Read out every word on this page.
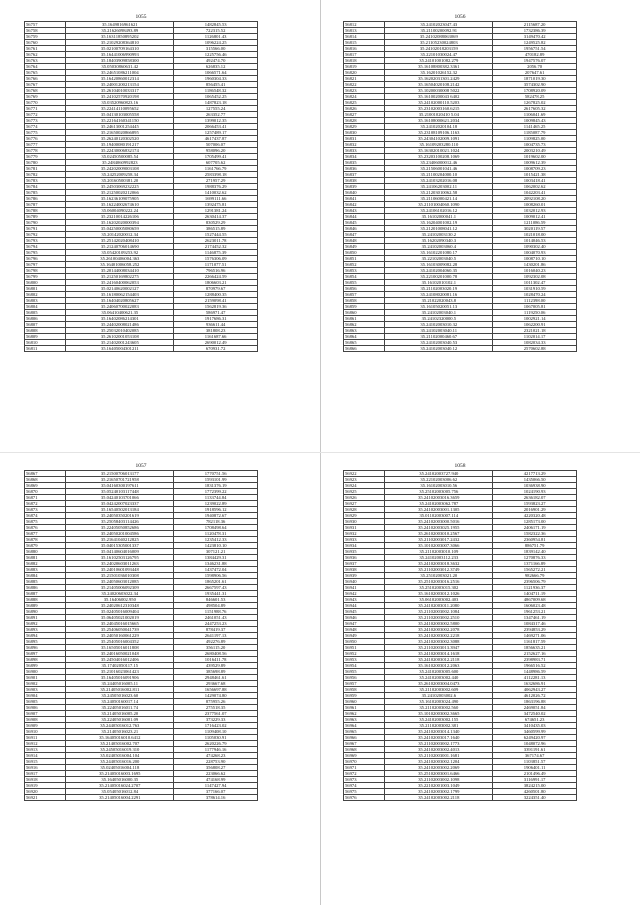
1055
56757	35.1649816961621	1482845.53
56758	35.21626098493.89	722315.52
56759	35.16311850895202	1126801.43
56760	35.21029208364810	1096224.25
56761	35.02100709164310	315566.00
56762	35.16441006990993	1225756.46
56763	35.18403909858300	492474.70
56764	35.05030860631.42	626835.12
56765	35.24651086211004	1066571.64
56766	35.16420860012314	1960304.33
56767	35.24001200213154	856455.41
56768	35.26104010033317	1186548.32
56769	35.24102570920198	1065452.25
56770	35.03520960823.16	1487823.18
56771	35.22414110095652	127555.24
56772	35.04130103005558	263352.77
56773	35.22164160341150	1399012.35
56774	35.24613001254445	2066453.41
56775	35.21650020866895	1257489.17
56776	35.26240120302520	4617437.87
56777	35.19400080191217	507006.07
56778	35.22430006832174	958096.20
56779	35.02450500085.54	1705499.41
56780	35.2484060992823	607705.62
56781	35.24202009003108	1161766.79
56782	35.24252009258.34	2583398.18
56783	35.20160500381.20	271957.29
56784	35.24503069232225	1988376.29
56785	35.21250020212066	1410032.62
56786	35.16236109075905	1699111.66
56787	35.16224002674610	1392475.81
56788	35.06004090222.24	1291381.24
56789	35.23210014226106	2630414.37
56790	35.16202020000394	830529.29
56791	35.04250005080659	386515.89
56792	35.20142020012.34	1527444.55
56793	35.25142020408410	2623011.78
56794	35.21240706014690	2174452.32
56795	35.05420109253.92	1146875.39
56796	35.26100406004.363	1576306.09
56797	35.16401006058.252	1171077.51
56798	35.20144008034410	796516.96
56799	35.21250169802275	2266424.59
56800	35.24160400062053	1806603.21
56801	35.02140620002127	870979.67
56802	35.16180062154403	1288400.35
56803	35.16404020805627	2159098.41
56804	35.24060700022083	1562819.36
56805	35.06410400621.35	586971.47
56806	35.16402086214301	1917686.31
56807	35.24402008021486	936611.44
56808	35.25032010402085	381808.23
56809	35.26102001053108	1161687.66
56810	35.21402001243605	2690012.49
56811	35.16405004301211	670931.72
1056
56812	35.24102023047.43	2115687.20
56813	35.21100200092.91	1732386.39
56814	35.24102088063069	3149470.42
56815	35.21105230024803	1249525.82
56816	35.24102018203159	1956751.54
56817	35.22101030024.47	470182.89
56818	35.24101001082.279	1947576.07
56819	35.16108800382.3361	2056.70
56820	35.16201026152.32	207647.61
56821	35.16202031301.2429	1871019.30
56822	35.16504020108.2142	3574302.90
56823	35.10200030008 5022	1708920.09
56824	35.16100200043 6402	582478.25
56825	35.24102000110.5203	1267825.02
56826	35.23102003160.6215	2617605.32
56827	35.21001020410 5.04	1106041.69
56828	35.16108000621.2034	1009845.43
56829	35.24102020104.18	1141465.25
56830	35.23108109106.1163	1185087.79
56831	35.24304102009.1091	1109825.00
56832	35.16109203280.110	1004735.73
56833	35.16302010021.1024	2003210.49
56834	35.23203100208.1069	1019602.00
56835	35.23406000012.46	1009612.39
56836	35.21506001041.46	1008709.23
56837	35.21100204000.10	1015421.38
56838	35.24103202016.08	1003418.41
56839	35.24106203002.11	1062002.62
56840	35.21203010062.58	1042203.41
56841	35.21106000421.14	2092108.20
56842	35.21101004060.1090	1008260.01
56843	35.24106102016.12	1032012.93
56844	35.16102000041.1	1009012.41
56845	35.16204001002.19	1211086.59
56846	35.21201008041.12	3020119.57
56847	35.24102003130.2	1021018.00
56848	35.16202090340.3	1014046.53
56849	35.24102003060.4	1090302.40
56850	35.16102201080.17	1004070.93
56851	35.22102003040.5	1008710.10
56852	35.16103009082.28	1430201.86
56853	35.24102004060.35	1016040.23
56854	35.22100201000.78	1092302.08
56855	35.16102010102.1	1011302.47
56856	35.21102003020.19	1031910.59
56857	35.24108020081.16	1028470.24
56858	35.21022020043.8	1112398.00
56859	35.16105020051.13	1067005.81
56860	35.24102003040.1	1119250.06
56861	35.24102320000.5	1002921.14
56862	35.24102003010.32	1062200.91
56863	35.24102003040.11	2321021.18
56864	35.21102000460.67	1102014.17
56865	35.24102003040.53	1082034.33
56866	35.24102003040.12	2570602.88
1057
56867	35.21500706013177	1770751.56
56868	35.21650701721958	1593101.99
56869	35.04160300197611	1831376.19
56870	35.05240103117448	1772399.22
56871	35.04240103701066	1133744.84
56872	35.04242007023337	1239022.89
56873	35.16540502013184	1918596.12
56874	35.24050350201619	1940872.67
56875	35.25058403114426	782118.36
56876	35.22405050852686	1708498.64
56877	35.24050201004586	1120478.31
56878	35.21641040212825	1235412.33
56879	35.04015305001337	1423810.10
56880	35.04140604016009	307121.21
56881	35.16102503126795	1384429.31
56882	35.24020603011263	1346231.88
56883	35.24010601093448	1437472.04
56884	35.21501036010308	1598906.56
56885	35.24050603012085	1865201.61
56886	35.21405006092309	2667597.43
56887	35.24020603022.34	1935441.31
56888	35.16406002.950	846601.53
56889	35.24020612310348	498504.89
56890	35.02405016009404	1151988.76
56891	35.06405021002019	2461051.43
56892	35.24045016015665	2447253.23
56893	35.25406050041739	878419.37
56894	35.24050160061229	2641197.13
56895	35.25405016004352	492276.89
56896	35.16505016011808	356115.20
56897	35.24016050021048	2680408.56
56898	35.24504016012406	1016411.78
56899	35.17402050117.15	439529.89
56900	35.21016023061423	385698.89
56901	35.16405016091906	2948461.61
56902	35.24405016005.11	293667.68
56903	35.21405016002.811	1656697.88
56904	35.24505016023.60	1429074.80
56905	35.24050160017.14	875955.26
56906	35.22405016011.74	275518.35
56907	35.21405016005.20	2377561.07
56908	35.22405016001.09	373229.33
56909	35.24405016012.763	1716423.02
56910	35.21405016023.21	1109408.10
56911	35.16405016010.6412	1105030.91
56912	35.21405016002.707	2620226.79
56913	35.24505016019.310	1177946.16
56914	35.02405016004.104	474268.23
56915	35.24405016016.200	228753.90
56916	35.02405016004.118	356808.27
56917	35.21405016003.1695	223066.62
56918	35.16405016000.35	474168.99
56919	35.21405016024.2707	1147427.94
56920	35.05405016012.84	377166.07
56921	35.21405016004.2291	378614.16
1058
56922	35.24102003727.940	4217713.29
56923	35.22102003006.62	1435066.50
56924	35.16102003010.56	1036938.90
56925	35.25102003005.756	1024190.93
56926	35.24102003016.3659	2636182.07
56927	35.24102003062.787	1593823.27
56928	35.24102003001.1305	2016901.29
56929	35.01102003007.114	4220320.48
56930	35.24102003000.5016	1285173.00
56931	35.24102003025.1955	2406171.19
56932	35.26102003010.2567	1582322.36
56933	35.21102003017.2432	2360954.81
56934	35.10102003007.3066	886751.79
56935	35.21102003010.109	1839142.40
56936	35.24102003112.233	1270876.33
56937	35.24102003018.3632	1371166.89
56938	35.21102003012.3749	1565272.21
56939	35.25102003021.20	982666.79
56940	35.25102003016.2516	2396506.79
56941	35.25102003015.302	1121936.37
56942	35.16102003012.1026	1404711.19
56943	35.06102003002.403	4867009.68
56944	35.24102003011.2080	1606023.48
56945	35.21102003002.1084	1961253.21
56946	35.21102003002.2510	1347461.19
56947	35.24102003002.5800	1084317.46
56948	35.24102003002.2078	2394853.29
56949	35.24102003002.2218	1469271.06
56950	35.24102003002.3088	1161817.59
56951	35.21102003013.3947	1856635.21
56952	35.24102003014.1618	2152627.16
56953	35.24102003012.2118	2398983.71
56954	35.16102003012.2063	1966516.52
56955	35.24102003005.600	1448986.59
56956	35.24102003002.440	4112281.13
56957	35.26102003004.0473	1632686.91
56958	35.21102003002.609	4062943.27
56959	35.24102003002.6	4612026.72
56960	35.16102003024.490	1863196.88
56961	35.21102003002.560	2469051.84
56962	35.10102003002.3665	3472540.02
56963	35.24102003002.155	674651.23
56964	35.21102003002.381	3410435.03
56965	35.24102003014.1340	3460599.99
56966	35.24102003017.1640	6249420.97
56967	35.21102003002.1773	1048072.96
56968	35.24102003002.4013	3391191.61
56969	35.21102003001.1681	367174.67
56970	35.24102003002.1204	1103851.57
56971	35.24102003002.2069	1906401.11
56972	35.25102003001.6466	2101496.49
56973	35.21102003002.1098	3116991.17
56974	35.22102001003.1049	3824215.00
56975	35.24102003002.1799	4260501.80
56976	35.24102003002.2118	3224351.40
